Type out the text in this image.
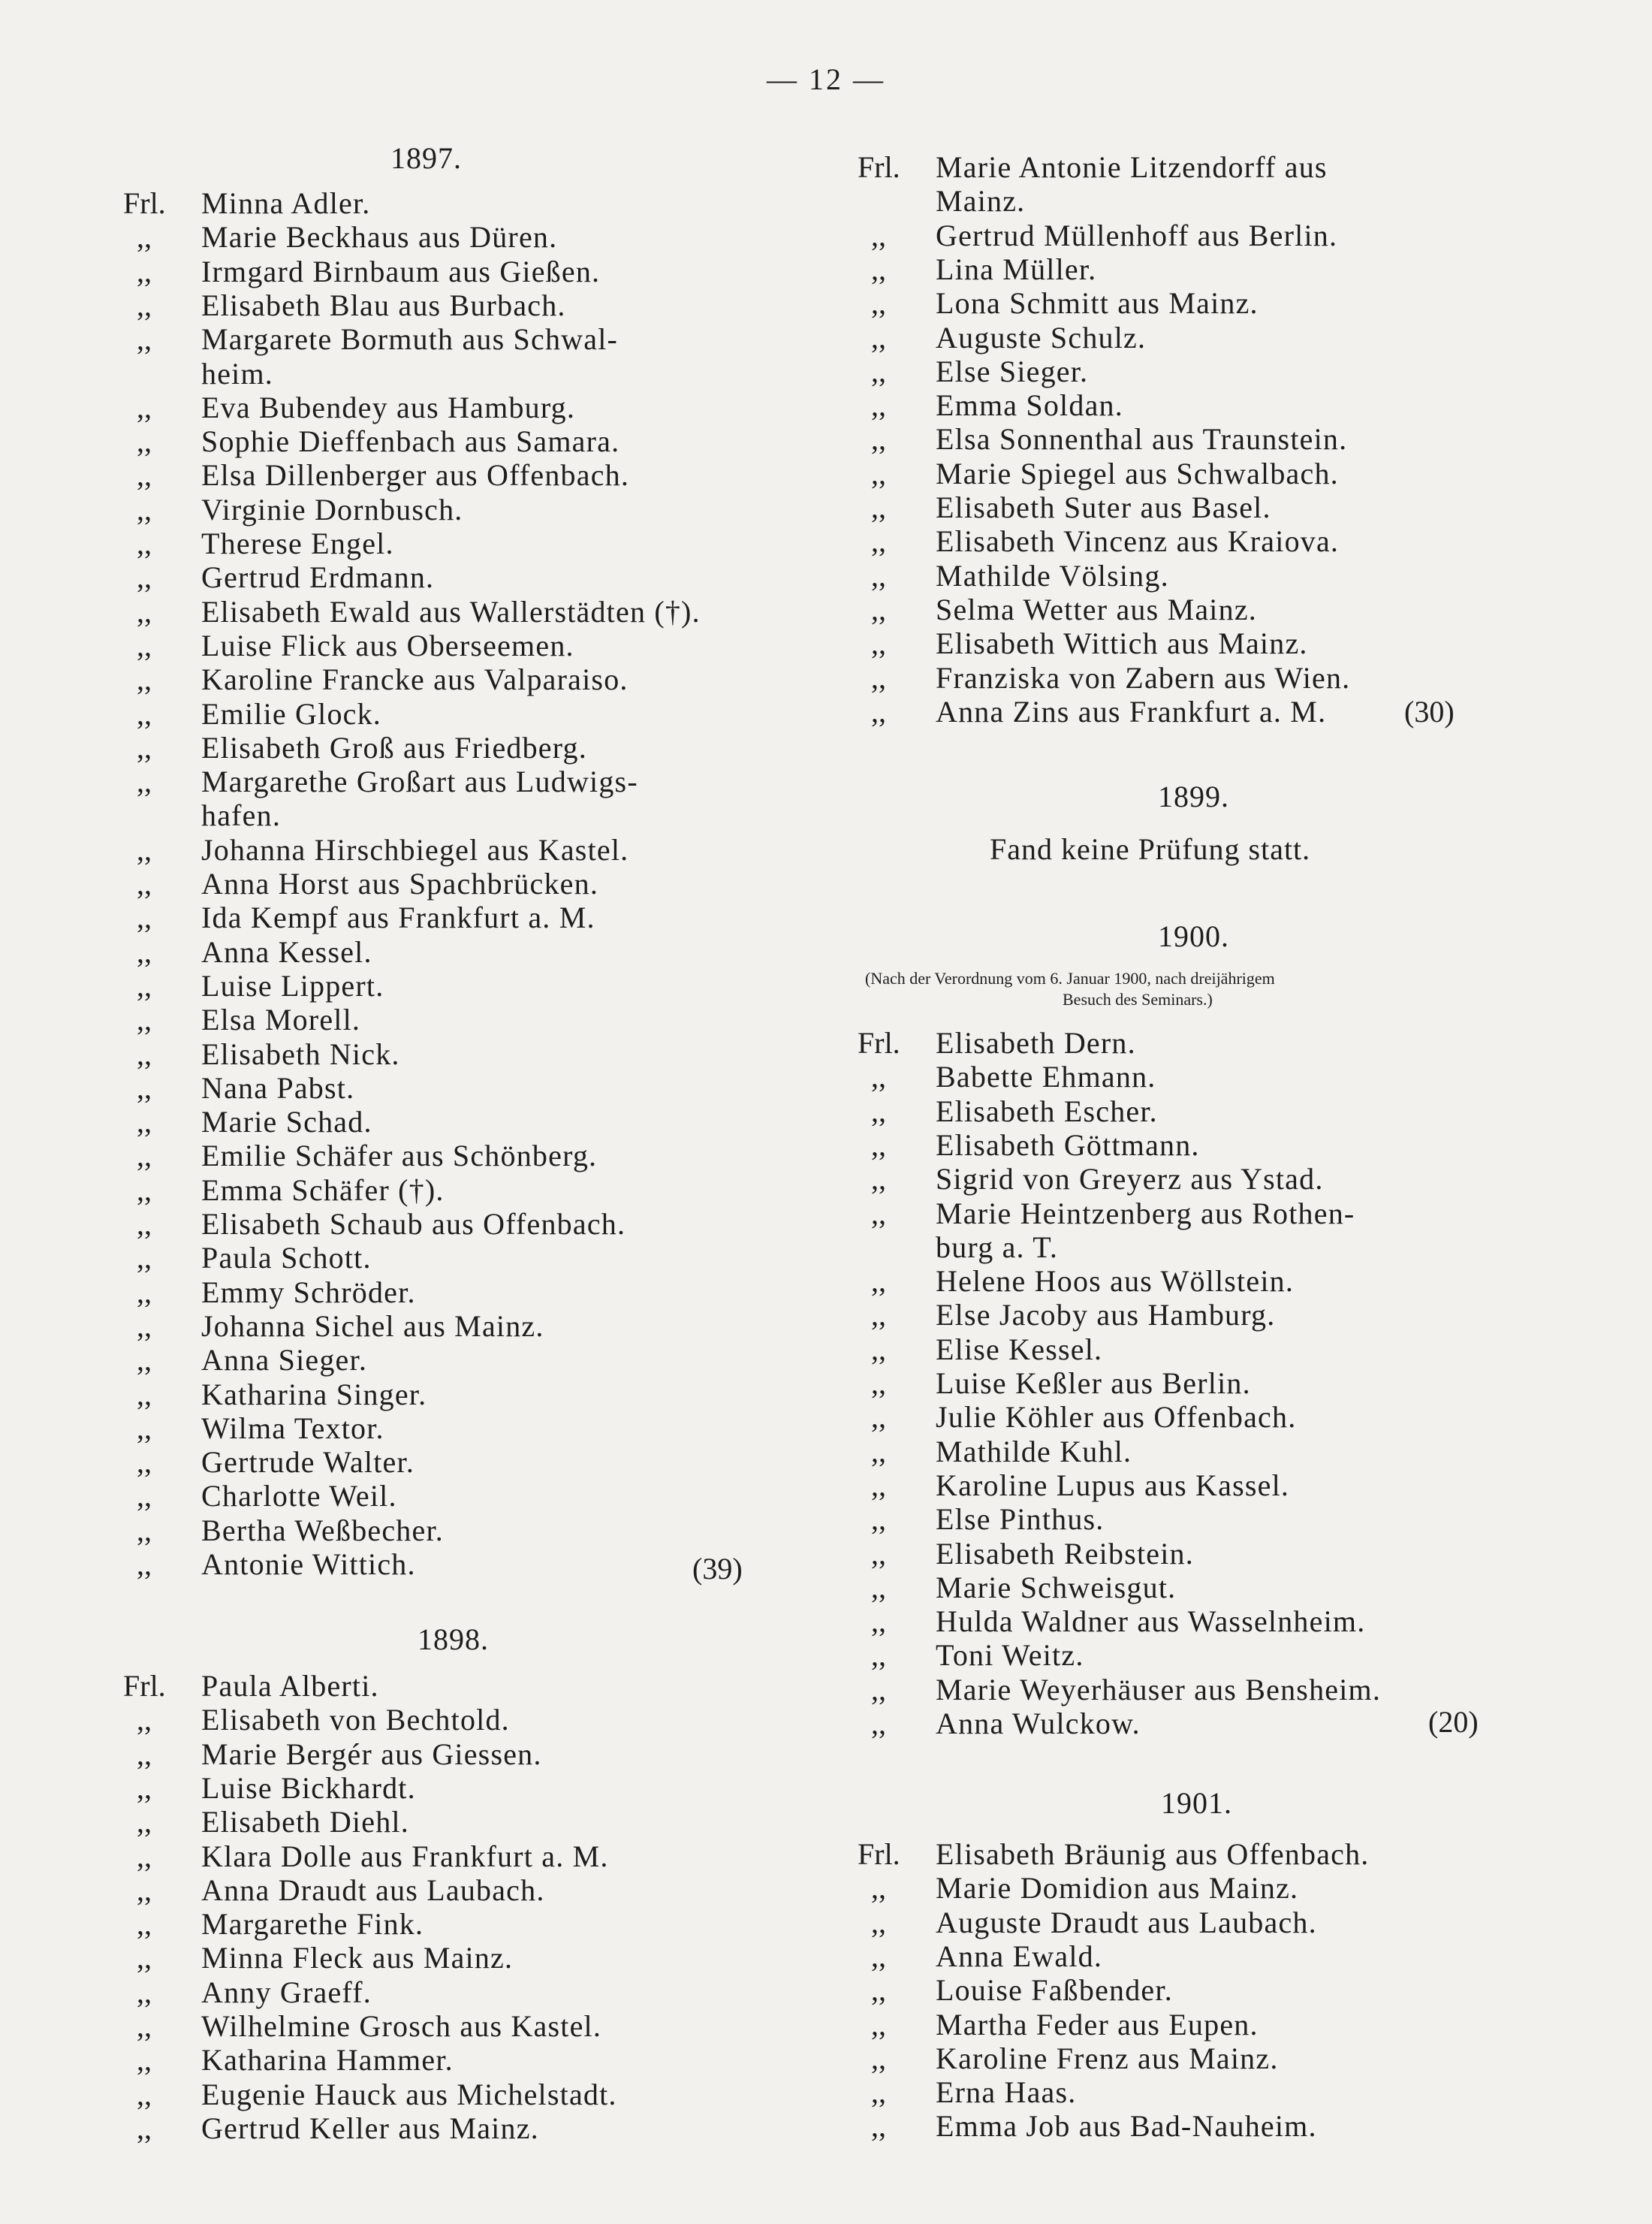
— 12 —
1897.
Frl. Minna Adler.
,, Marie Beckhaus aus Düren.
,, Irmgard Birnbaum aus Gießen.
,, Elisabeth Blau aus Burbach.
,, Margarete Bormuth aus Schwal-
heim.
,, Eva Bubendey aus Hamburg.
,, Sophie Dieffenbach aus Samara.
,, Elsa Dillenberger aus Offenbach.
,, Virginie Dornbusch.
,, Therese Engel.
,, Gertrud Erdmann.
,, Elisabeth Ewald aus Wallerstädten (†).
,, Luise Flick aus Oberseemen.
,, Karoline Francke aus Valparaiso.
,, Emilie Glock.
,, Elisabeth Groß aus Friedberg.
,, Margarethe Großart aus Ludwigs-
hafen.
,, Johanna Hirschbiegel aus Kastel.
,, Anna Horst aus Spachbrücken.
,, Ida Kempf aus Frankfurt a. M.
,, Anna Kessel.
,, Luise Lippert.
,, Elsa Morell.
,, Elisabeth Nick.
,, Nana Pabst.
,, Marie Schad.
,, Emilie Schäfer aus Schönberg.
,, Emma Schäfer (†).
,, Elisabeth Schaub aus Offenbach.
,, Paula Schott.
,, Emmy Schröder.
,, Johanna Sichel aus Mainz.
,, Anna Sieger.
,, Katharina Singer.
,, Wilma Textor.
,, Gertrude Walter.
,, Charlotte Weil.
,, Bertha Weßbecher.
,, Antonie Wittich.	(39)
1898.
Frl. Paula Alberti.
,, Elisabeth von Bechtold.
,, Marie Bergér aus Giessen.
,, Luise Bickhardt.
,, Elisabeth Diehl.
,, Klara Dolle aus Frankfurt a. M.
,, Anna Draudt aus Laubach.
,, Margarethe Fink.
,, Minna Fleck aus Mainz.
,, Anny Graeff.
,, Wilhelmine Grosch aus Kastel.
,, Katharina Hammer.
,, Eugenie Hauck aus Michelstadt.
,, Gertrud Keller aus Mainz.
Frl. Marie Antonie Litzendorff aus
Mainz.
,, Gertrud Müllenhoff aus Berlin.
,, Lina Müller.
,, Lona Schmitt aus Mainz.
,, Auguste Schulz.
,, Else Sieger.
,, Emma Soldan.
,, Elsa Sonnenthal aus Traunstein.
,, Marie Spiegel aus Schwalbach.
,, Elisabeth Suter aus Basel.
,, Elisabeth Vincenz aus Kraiova.
,, Mathilde Völsing.
,, Selma Wetter aus Mainz.
,, Elisabeth Wittich aus Mainz.
,, Franziska von Zabern aus Wien.
,, Anna Zins aus Frankfurt a. M.	(30)
1899.
Fand keine Prüfung statt.
1900.
(Nach der Verordnung vom 6. Januar 1900, nach dreijährigem
Besuch des Seminars.)
Frl. Elisabeth Dern.
,, Babette Ehmann.
,, Elisabeth Escher.
,, Elisabeth Göttmann.
,, Sigrid von Greyerz aus Ystad.
,, Marie Heintzenberg aus Rothen-
burg a. T.
,, Helene Hoos aus Wöllstein.
,, Else Jacoby aus Hamburg.
,, Elise Kessel.
,, Luise Keßler aus Berlin.
,, Julie Köhler aus Offenbach.
,, Mathilde Kuhl.
,, Karoline Lupus aus Kassel.
,, Else Pinthus.
,, Elisabeth Reibstein.
,, Marie Schweisgut.
,, Hulda Waldner aus Wasselnheim.
,, Toni Weitz.
,, Marie Weyerhäuser aus Bensheim.
,, Anna Wulckow.	(20)
1901.
Frl. Elisabeth Bräunig aus Offenbach.
,, Marie Domidion aus Mainz.
,, Auguste Draudt aus Laubach.
,, Anna Ewald.
,, Louise Faßbender.
,, Martha Feder aus Eupen.
,, Karoline Frenz aus Mainz.
,, Erna Haas.
,, Emma Job aus Bad-Nauheim.
